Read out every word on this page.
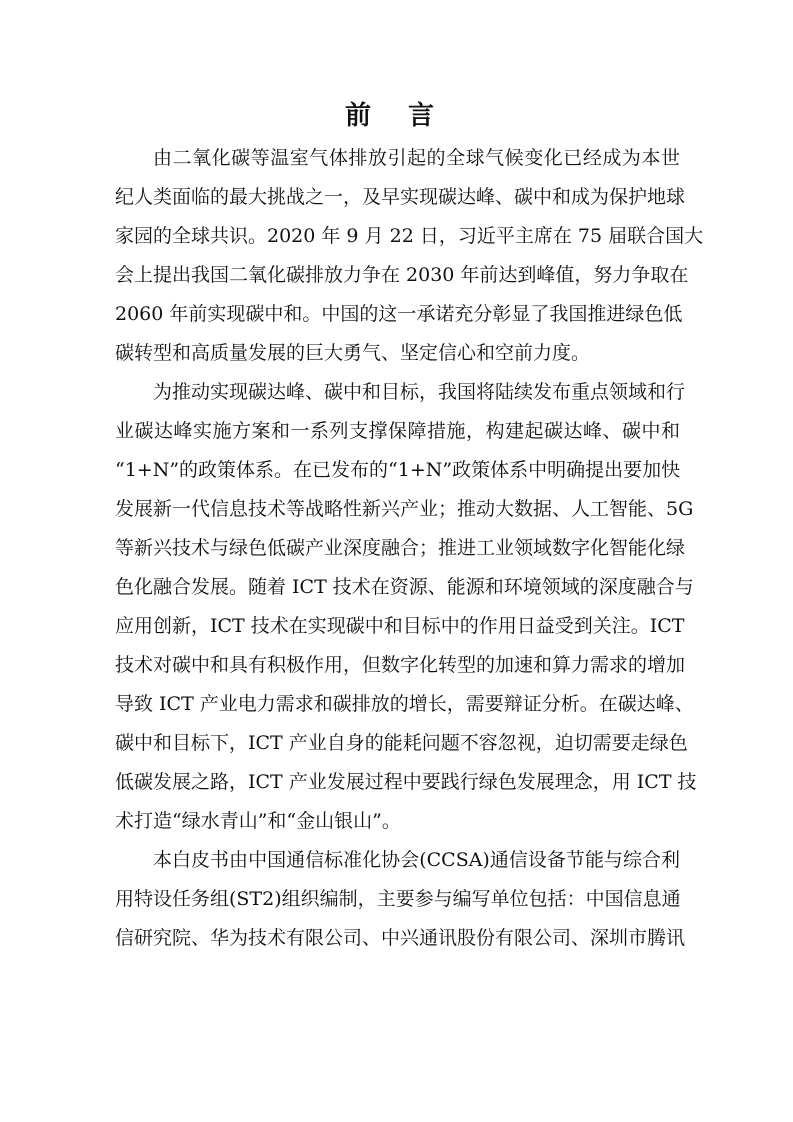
前 言
由二氧化碳等温室气体排放引起的全球气候变化已经成为本世
纪人类面临的最大挑战之一，及早实现碳达峰、碳中和成为保护地球
家园的全球共识。2020 年 9 月 22 日，习近平主席在 75 届联合国大
会上提出我国二氧化碳排放力争在 2030 年前达到峰值，努力争取在
2060 年前实现碳中和。中国的这一承诺充分彰显了我国推进绿色低
碳转型和高质量发展的巨大勇气、坚定信心和空前力度。
为推动实现碳达峰、碳中和目标，我国将陆续发布重点领域和行
业碳达峰实施方案和一系列支撑保障措施，构建起碳达峰、碳中和
“1+N”的政策体系。在已发布的“1+N”政策体系中明确提出要加快
发展新一代信息技术等战略性新兴产业；推动大数据、人工智能、5G
等新兴技术与绿色低碳产业深度融合；推进工业领域数字化智能化绿
色化融合发展。随着 ICT 技术在资源、能源和环境领域的深度融合与
应用创新，ICT 技术在实现碳中和目标中的作用日益受到关注。ICT
技术对碳中和具有积极作用，但数字化转型的加速和算力需求的增加
导致 ICT 产业电力需求和碳排放的增长，需要辩证分析。在碳达峰、
碳中和目标下，ICT 产业自身的能耗问题不容忽视，迫切需要走绿色
低碳发展之路，ICT 产业发展过程中要践行绿色发展理念，用 ICT 技
术打造“绿水青山”和“金山银山”。
本白皮书由中国通信标准化协会(CCSA)通信设备节能与综合利
用特设任务组(ST2)组织编制，主要参与编写单位包括：中国信息通
信研究院、华为技术有限公司、中兴通讯股份有限公司、深圳市腾讯
